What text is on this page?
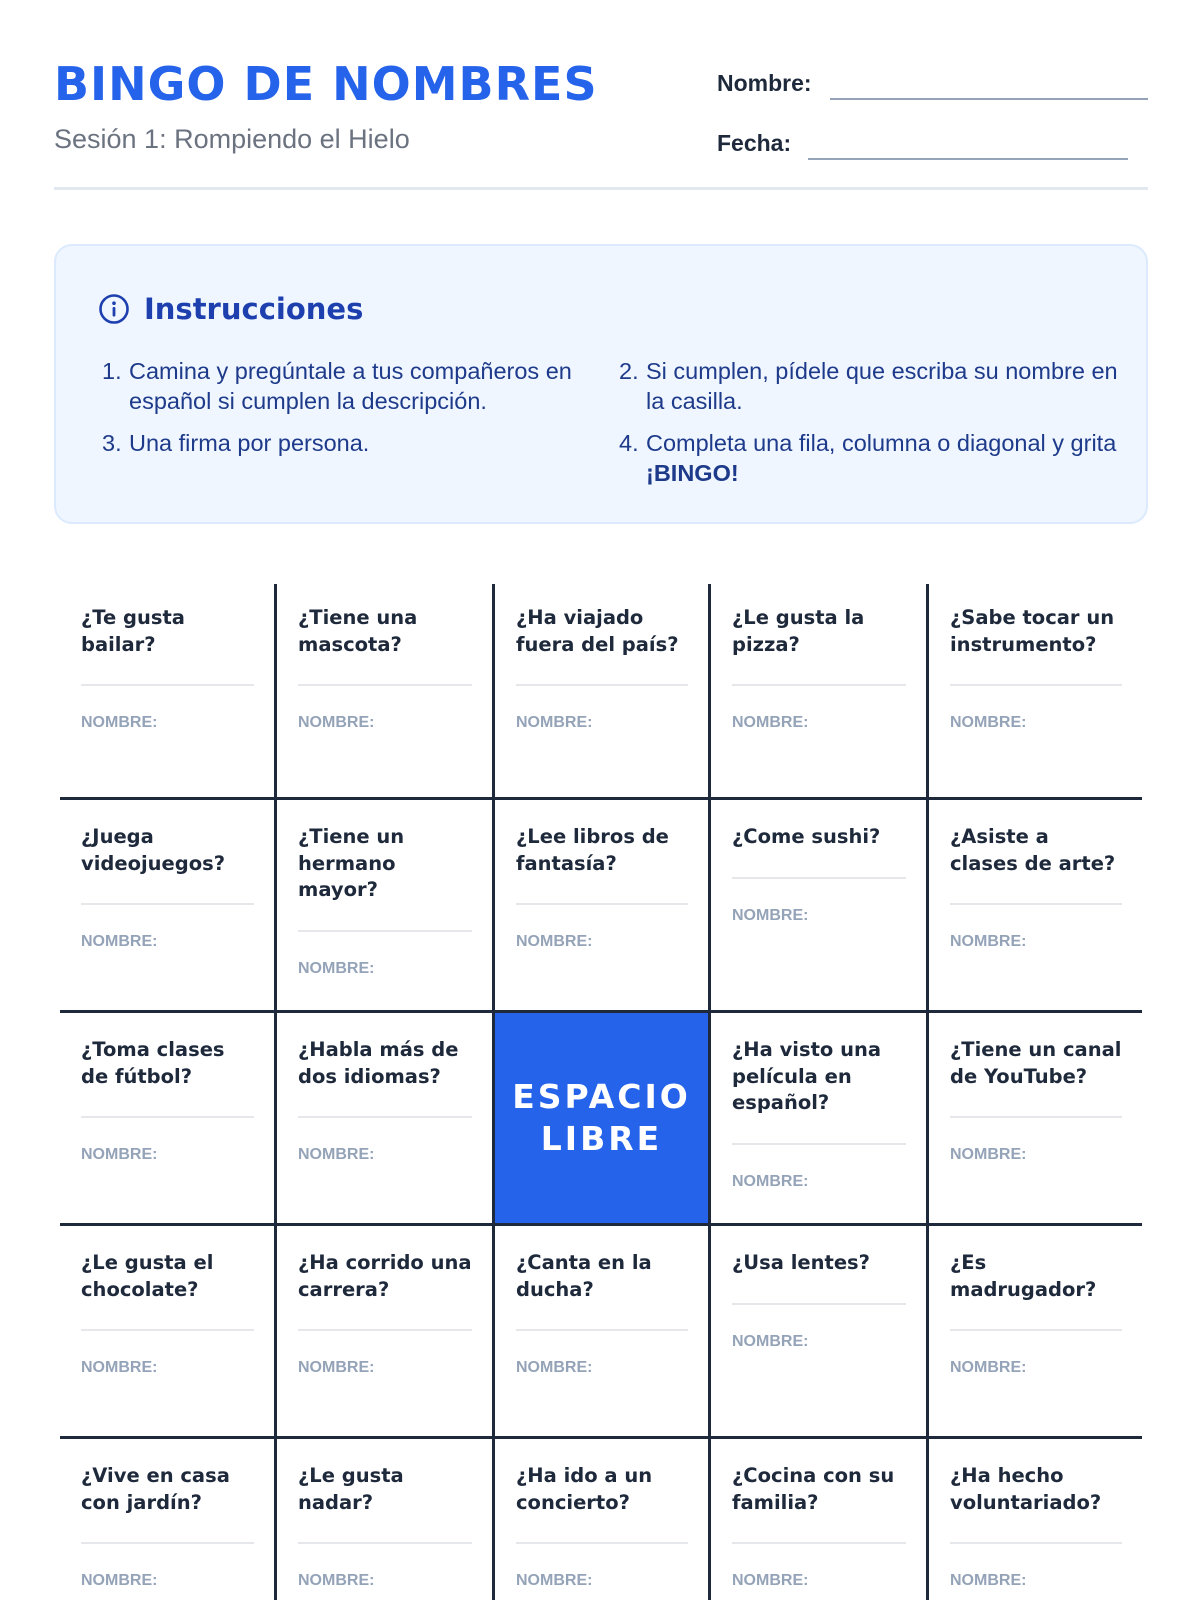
BINGO DE NOMBRES
Sesión 1: Rompiendo el Hielo
Nombre:
Fecha:
Instrucciones
1. Camina y pregúntale a tus compañeros en español si cumplen la descripción.
2. Si cumplen, pídele que escriba su nombre en la casilla.
3. Una firma por persona.	4. Completa una fila, columna o diagonal y grita ¡BINGO!
¿Te gusta bailar?
NOMBRE:
¿Tiene una mascota?
NOMBRE:
¿Ha viajado fuera del país?
NOMBRE:
¿Le gusta la pizza?
NOMBRE:
¿Sabe tocar un instrumento?
NOMBRE:
¿Juega videojuegos?
NOMBRE:
¿Tiene un hermano mayor?
NOMBRE:
¿Lee libros de fantasía?
NOMBRE:
¿Come sushi?
NOMBRE:
¿Asiste a clases de arte?
NOMBRE:
¿Toma clases de fútbol?
NOMBRE:
¿Habla más de dos idiomas?
NOMBRE:
ESPACIO LIBRE
¿Ha visto una película en español?
NOMBRE:
¿Tiene un canal de YouTube?
NOMBRE:
¿Le gusta el chocolate?
NOMBRE:
¿Ha corrido una carrera?
NOMBRE:
¿Canta en la ducha?
NOMBRE:
¿Usa lentes?
NOMBRE:
¿Es madrugador?
NOMBRE:
¿Vive en casa con jardín?
NOMBRE:
¿Le gusta nadar?
NOMBRE:
¿Ha ido a un concierto?
NOMBRE:
¿Cocina con su familia?
NOMBRE:
¿Ha hecho voluntariado?
NOMBRE:
